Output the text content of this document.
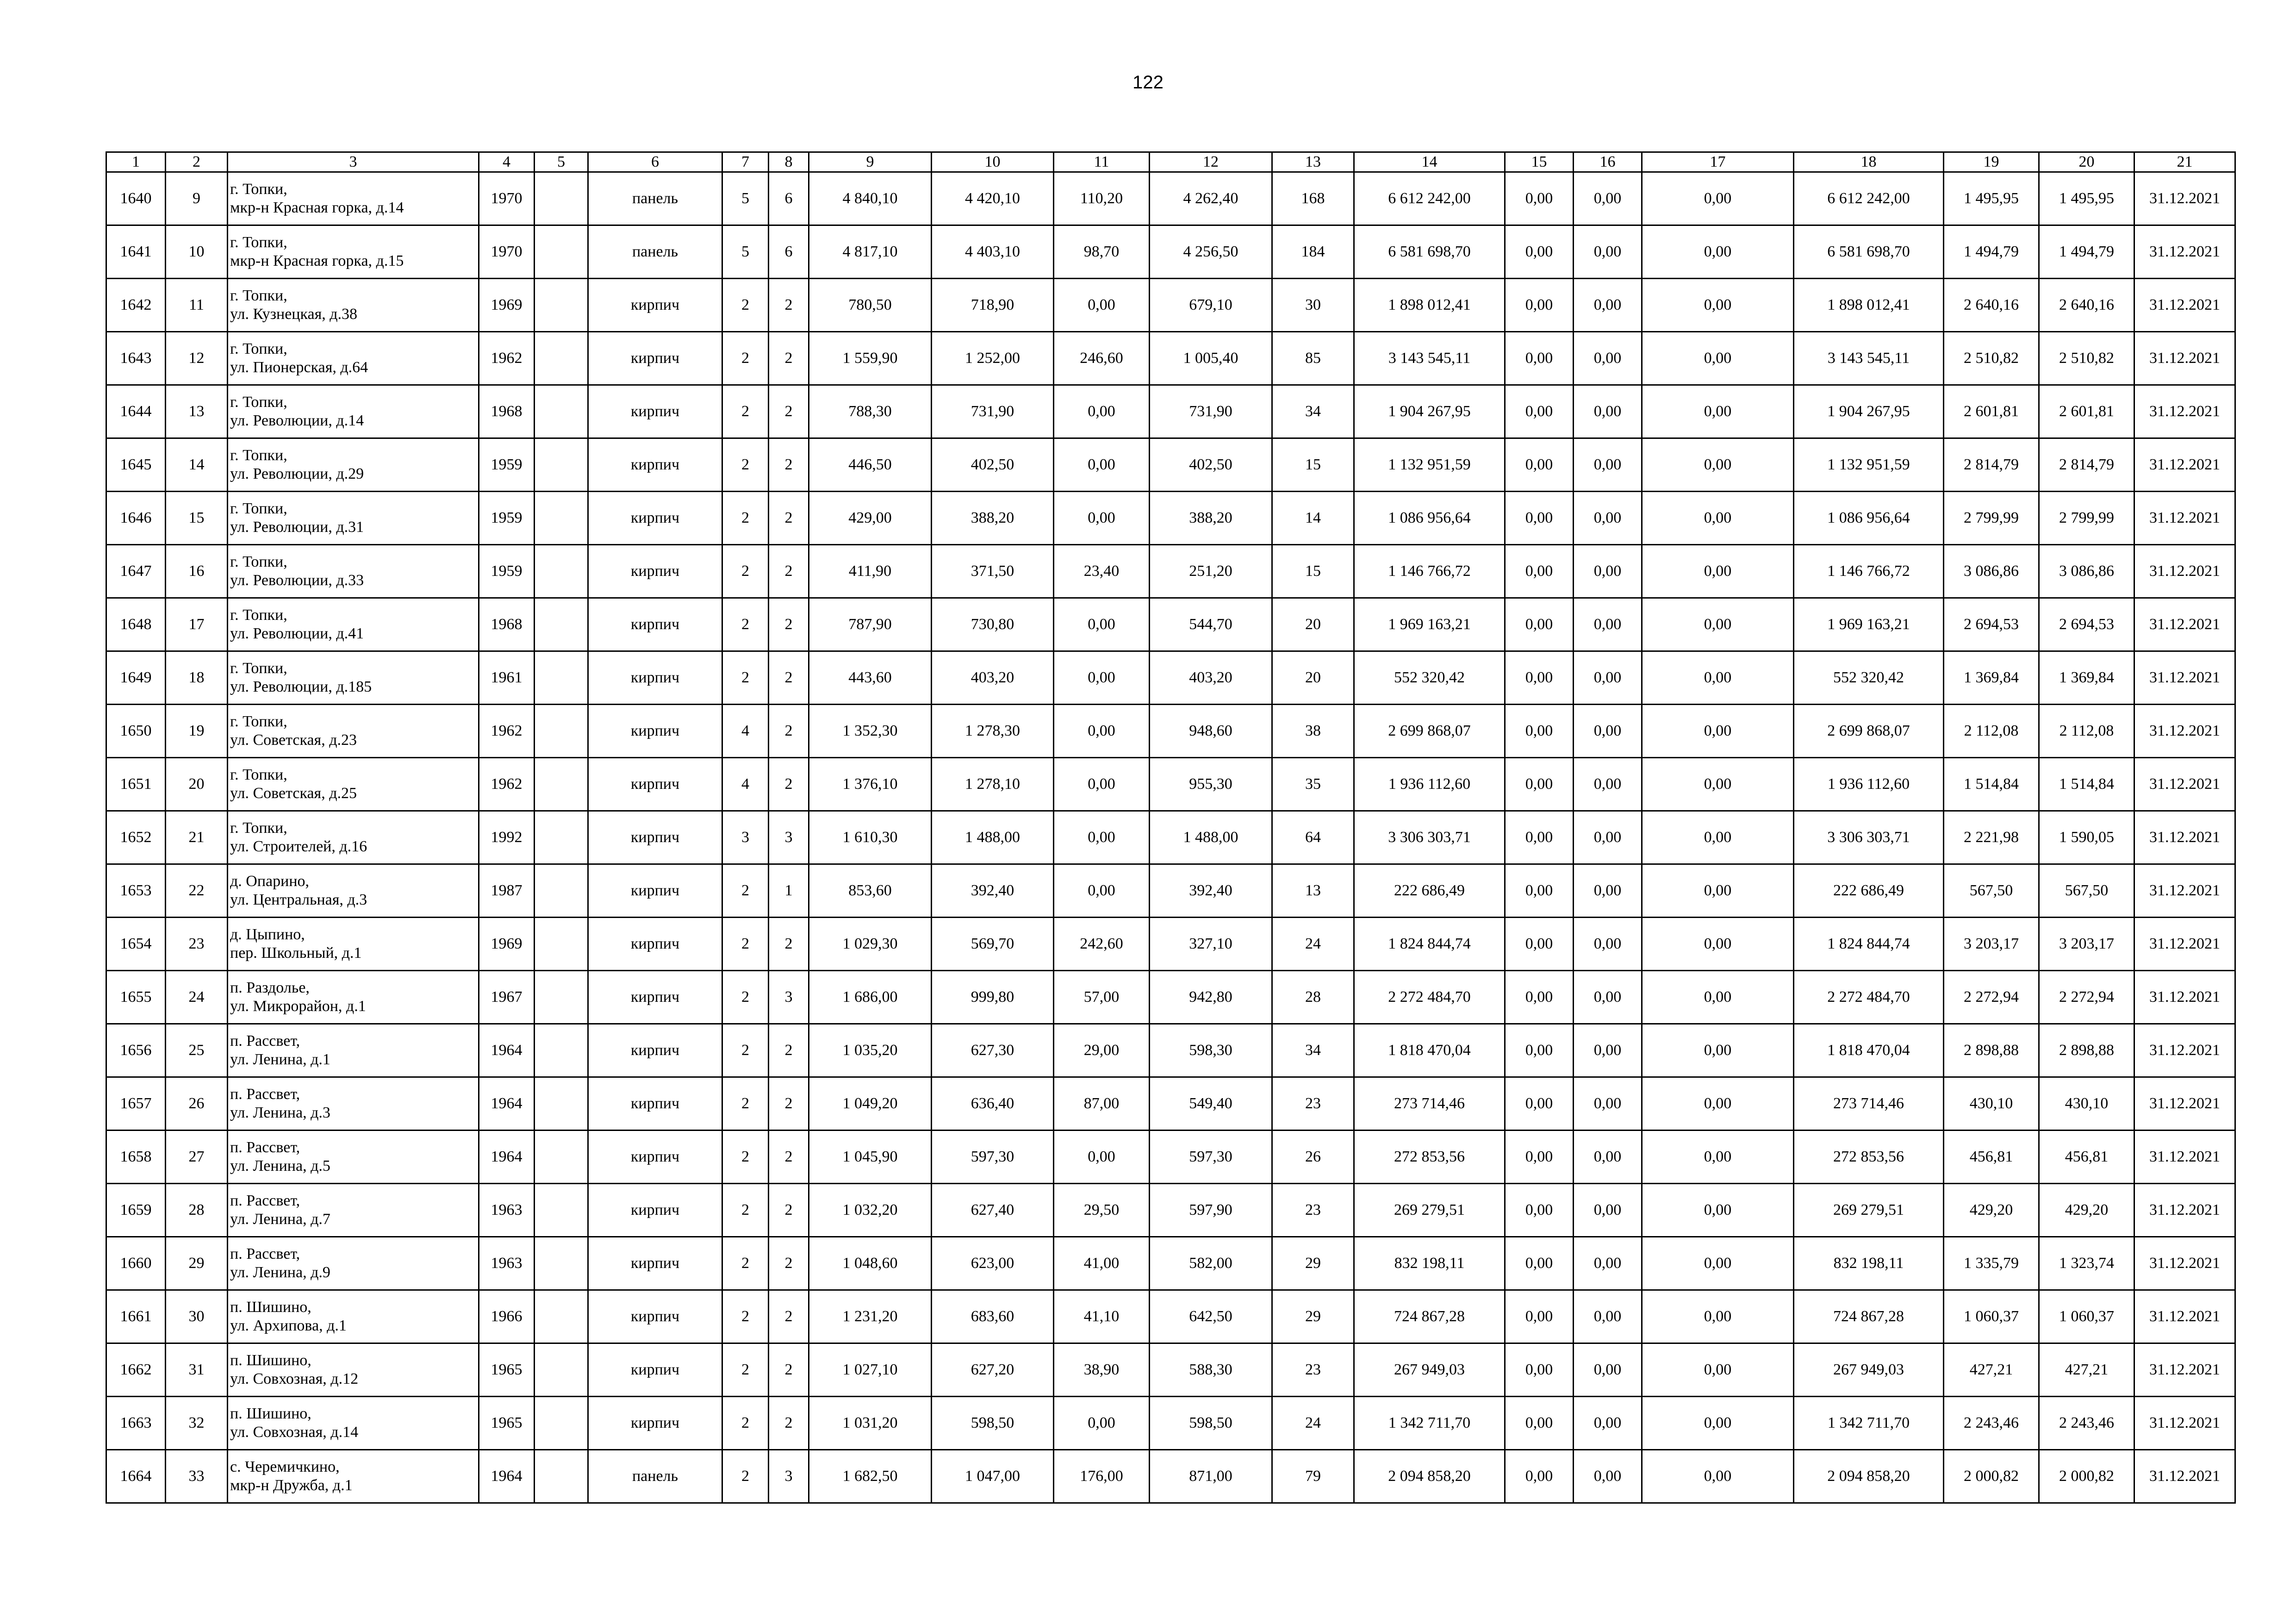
122
1	2	3	4	5	6	7	8	9	10	11	12	13	14	15	16	17	18	19	20	21
1640	9	г. Топки,
мкр-н Красная горка, д.14	1970		панель	5	6	4 840,10	4 420,10	110,20	4 262,40	168	6 612 242,00	0,00	0,00	0,00	6 612 242,00	1 495,95	1 495,95	31.12.2021
1641	10	г. Топки,
мкр-н Красная горка, д.15	1970		панель	5	6	4 817,10	4 403,10	98,70	4 256,50	184	6 581 698,70	0,00	0,00	0,00	6 581 698,70	1 494,79	1 494,79	31.12.2021
1642	11	г. Топки,
ул. Кузнецкая, д.38	1969		кирпич	2	2	780,50	718,90	0,00	679,10	30	1 898 012,41	0,00	0,00	0,00	1 898 012,41	2 640,16	2 640,16	31.12.2021
1643	12	г. Топки,
ул. Пионерская, д.64	1962		кирпич	2	2	1 559,90	1 252,00	246,60	1 005,40	85	3 143 545,11	0,00	0,00	0,00	3 143 545,11	2 510,82	2 510,82	31.12.2021
1644	13	г. Топки,
ул. Революции, д.14	1968		кирпич	2	2	788,30	731,90	0,00	731,90	34	1 904 267,95	0,00	0,00	0,00	1 904 267,95	2 601,81	2 601,81	31.12.2021
1645	14	г. Топки,
ул. Революции, д.29	1959		кирпич	2	2	446,50	402,50	0,00	402,50	15	1 132 951,59	0,00	0,00	0,00	1 132 951,59	2 814,79	2 814,79	31.12.2021
1646	15	г. Топки,
ул. Революции, д.31	1959		кирпич	2	2	429,00	388,20	0,00	388,20	14	1 086 956,64	0,00	0,00	0,00	1 086 956,64	2 799,99	2 799,99	31.12.2021
1647	16	г. Топки,
ул. Революции, д.33	1959		кирпич	2	2	411,90	371,50	23,40	251,20	15	1 146 766,72	0,00	0,00	0,00	1 146 766,72	3 086,86	3 086,86	31.12.2021
1648	17	г. Топки,
ул. Революции, д.41	1968		кирпич	2	2	787,90	730,80	0,00	544,70	20	1 969 163,21	0,00	0,00	0,00	1 969 163,21	2 694,53	2 694,53	31.12.2021
1649	18	г. Топки,
ул. Революции, д.185	1961		кирпич	2	2	443,60	403,20	0,00	403,20	20	552 320,42	0,00	0,00	0,00	552 320,42	1 369,84	1 369,84	31.12.2021
1650	19	г. Топки,
ул. Советская, д.23	1962		кирпич	4	2	1 352,30	1 278,30	0,00	948,60	38	2 699 868,07	0,00	0,00	0,00	2 699 868,07	2 112,08	2 112,08	31.12.2021
1651	20	г. Топки,
ул. Советская, д.25	1962		кирпич	4	2	1 376,10	1 278,10	0,00	955,30	35	1 936 112,60	0,00	0,00	0,00	1 936 112,60	1 514,84	1 514,84	31.12.2021
1652	21	г. Топки,
ул. Строителей, д.16	1992		кирпич	3	3	1 610,30	1 488,00	0,00	1 488,00	64	3 306 303,71	0,00	0,00	0,00	3 306 303,71	2 221,98	1 590,05	31.12.2021
1653	22	д. Опарино,
ул. Центральная, д.3	1987		кирпич	2	1	853,60	392,40	0,00	392,40	13	222 686,49	0,00	0,00	0,00	222 686,49	567,50	567,50	31.12.2021
1654	23	д. Цыпино,
пер. Школьный, д.1	1969		кирпич	2	2	1 029,30	569,70	242,60	327,10	24	1 824 844,74	0,00	0,00	0,00	1 824 844,74	3 203,17	3 203,17	31.12.2021
1655	24	п. Раздолье,
ул. Микрорайон, д.1	1967		кирпич	2	3	1 686,00	999,80	57,00	942,80	28	2 272 484,70	0,00	0,00	0,00	2 272 484,70	2 272,94	2 272,94	31.12.2021
1656	25	п. Рассвет,
ул. Ленина, д.1	1964		кирпич	2	2	1 035,20	627,30	29,00	598,30	34	1 818 470,04	0,00	0,00	0,00	1 818 470,04	2 898,88	2 898,88	31.12.2021
1657	26	п. Рассвет,
ул. Ленина, д.3	1964		кирпич	2	2	1 049,20	636,40	87,00	549,40	23	273 714,46	0,00	0,00	0,00	273 714,46	430,10	430,10	31.12.2021
1658	27	п. Рассвет,
ул. Ленина, д.5	1964		кирпич	2	2	1 045,90	597,30	0,00	597,30	26	272 853,56	0,00	0,00	0,00	272 853,56	456,81	456,81	31.12.2021
1659	28	п. Рассвет,
ул. Ленина, д.7	1963		кирпич	2	2	1 032,20	627,40	29,50	597,90	23	269 279,51	0,00	0,00	0,00	269 279,51	429,20	429,20	31.12.2021
1660	29	п. Рассвет,
ул. Ленина, д.9	1963		кирпич	2	2	1 048,60	623,00	41,00	582,00	29	832 198,11	0,00	0,00	0,00	832 198,11	1 335,79	1 323,74	31.12.2021
1661	30	п. Шишино,
ул. Архипова, д.1	1966		кирпич	2	2	1 231,20	683,60	41,10	642,50	29	724 867,28	0,00	0,00	0,00	724 867,28	1 060,37	1 060,37	31.12.2021
1662	31	п. Шишино,
ул. Совхозная, д.12	1965		кирпич	2	2	1 027,10	627,20	38,90	588,30	23	267 949,03	0,00	0,00	0,00	267 949,03	427,21	427,21	31.12.2021
1663	32	п. Шишино,
ул. Совхозная, д.14	1965		кирпич	2	2	1 031,20	598,50	0,00	598,50	24	1 342 711,70	0,00	0,00	0,00	1 342 711,70	2 243,46	2 243,46	31.12.2021
1664	33	с. Черемичкино,
мкр-н Дружба, д.1	1964		панель	2	3	1 682,50	1 047,00	176,00	871,00	79	2 094 858,20	0,00	0,00	0,00	2 094 858,20	2 000,82	2 000,82	31.12.2021
